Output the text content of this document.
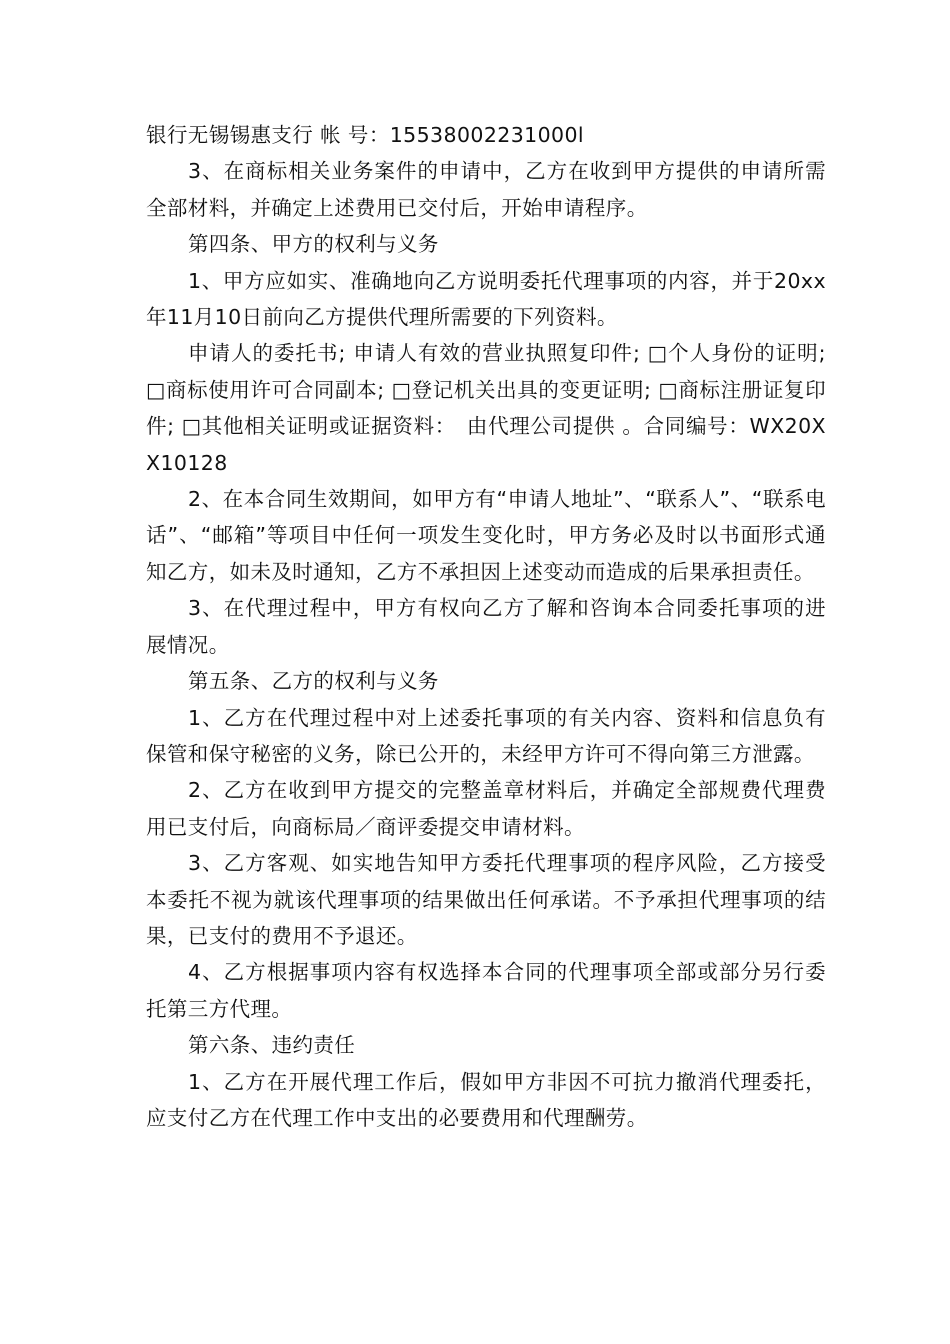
银行无锡锡惠支行 帐 号：15538002231000l

3、在商标相关业务案件的申请中，乙方在收到甲方提供的申请所需全部材料，并确定上述费用已交付后，开始申请程序。

第四条、甲方的权利与义务

1、甲方应如实、准确地向乙方说明委托代理事项的内容，并于20xx年11月10日前向乙方提供代理所需要的下列资料。

申请人的委托书; 申请人有效的营业执照复印件; □个人身份的证明; □商标使用许可合同副本; □登记机关出具的变更证明; □商标注册证复印件; □其他相关证明或证据资料：　由代理公司提供 。合同编号：WX20XX10128

2、在本合同生效期间，如甲方有“申请人地址”、“联系人”、“联系电话”、“邮箱”等项目中任何一项发生变化时，甲方务必及时以书面形式通知乙方，如未及时通知，乙方不承担因上述变动而造成的后果承担责任。

3、在代理过程中，甲方有权向乙方了解和咨询本合同委托事项的进展情况。

第五条、乙方的权利与义务

1、乙方在代理过程中对上述委托事项的有关内容、资料和信息负有保管和保守秘密的义务，除已公开的，未经甲方许可不得向第三方泄露。

2、乙方在收到甲方提交的完整盖章材料后，并确定全部规费代理费用已支付后，向商标局／商评委提交申请材料。

3、乙方客观、如实地告知甲方委托代理事项的程序风险，乙方接受本委托不视为就该代理事项的结果做出任何承诺。不予承担代理事项的结果，已支付的费用不予退还。

4、乙方根据事项内容有权选择本合同的代理事项全部或部分另行委托第三方代理。

第六条、违约责任

1、乙方在开展代理工作后，假如甲方非因不可抗力撤消代理委托，应支付乙方在代理工作中支出的必要费用和代理酬劳。
